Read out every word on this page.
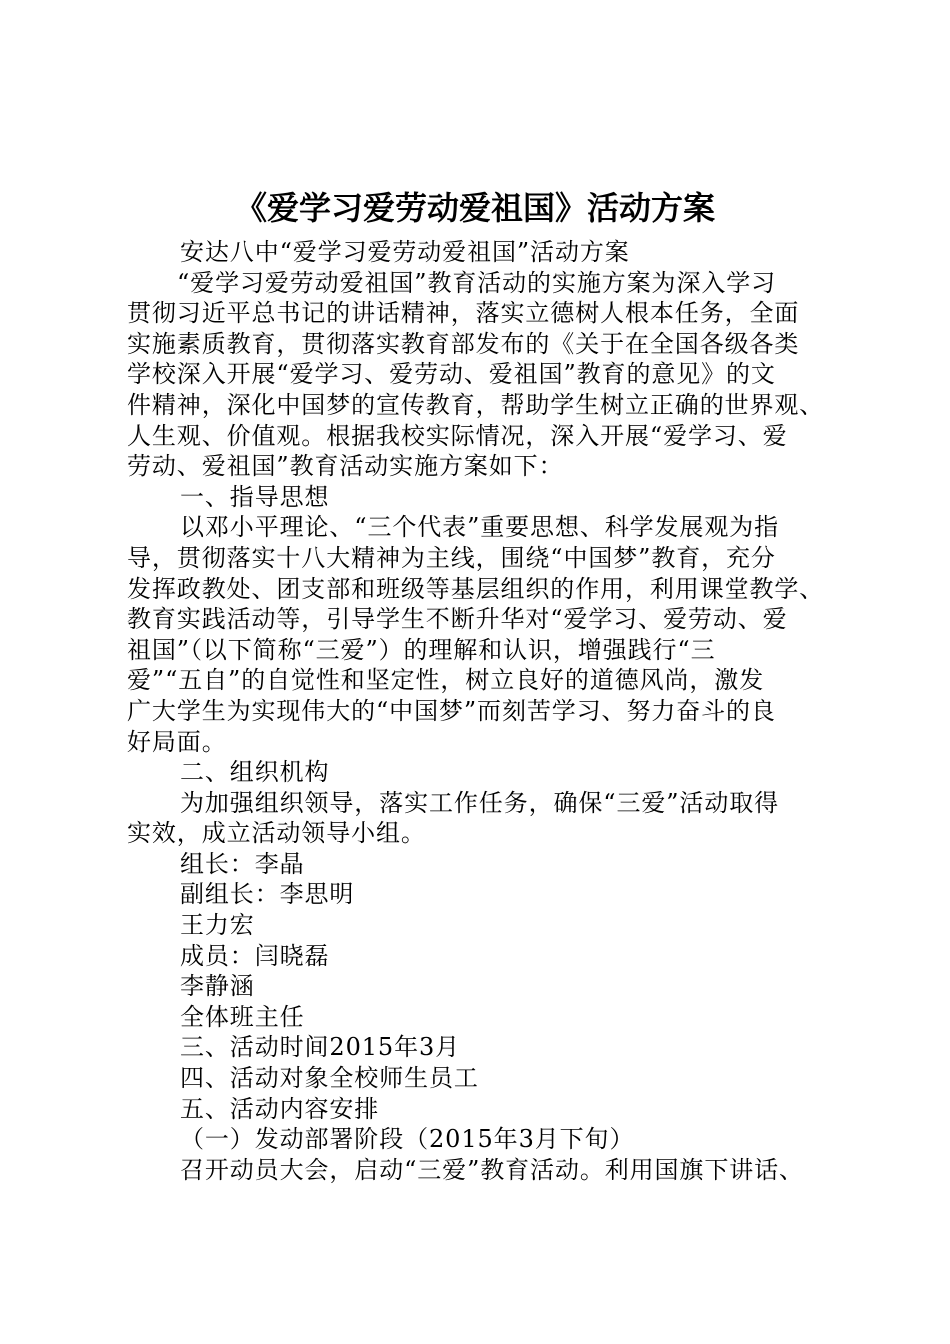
《爱学习爱劳动爱祖国》活动方案
安达八中“爱学习爱劳动爱祖国”活动方案
“爱学习爱劳动爱祖国”教育活动的实施方案为深入学习
贯彻习近平总书记的讲话精神，落实立德树人根本任务，全面
实施素质教育，贯彻落实教育部发布的《关于在全国各级各类
学校深入开展“爱学习、爱劳动、爱祖国”教育的意见》的文
件精神，深化中国梦的宣传教育，帮助学生树立正确的世界观、
人生观、价值观。根据我校实际情况，深入开展“爱学习、爱
劳动、爱祖国”教育活动实施方案如下：
一、指导思想
以邓小平理论、“三个代表”重要思想、科学发展观为指
导，贯彻落实十八大精神为主线，围绕“中国梦”教育，充分
发挥政教处、团支部和班级等基层组织的作用，利用课堂教学、
教育实践活动等，引导学生不断升华对“爱学习、爱劳动、爱
祖国”（以下简称“三爱”）的理解和认识，增强践行“三
爱”“五自”的自觉性和坚定性，树立良好的道德风尚，激发
广大学生为实现伟大的“中国梦”而刻苦学习、努力奋斗的良
好局面。
二、组织机构
为加强组织领导，落实工作任务，确保“三爱”活动取得
实效，成立活动领导小组。
组长：李晶
副组长：李思明
王力宏
成员：闫晓磊
李静涵
全体班主任
三、活动时间2015年3月
四、活动对象全校师生员工
五、活动内容安排
（一）发动部署阶段（2015年3月下旬）
召开动员大会，启动“三爱”教育活动。利用国旗下讲话、
